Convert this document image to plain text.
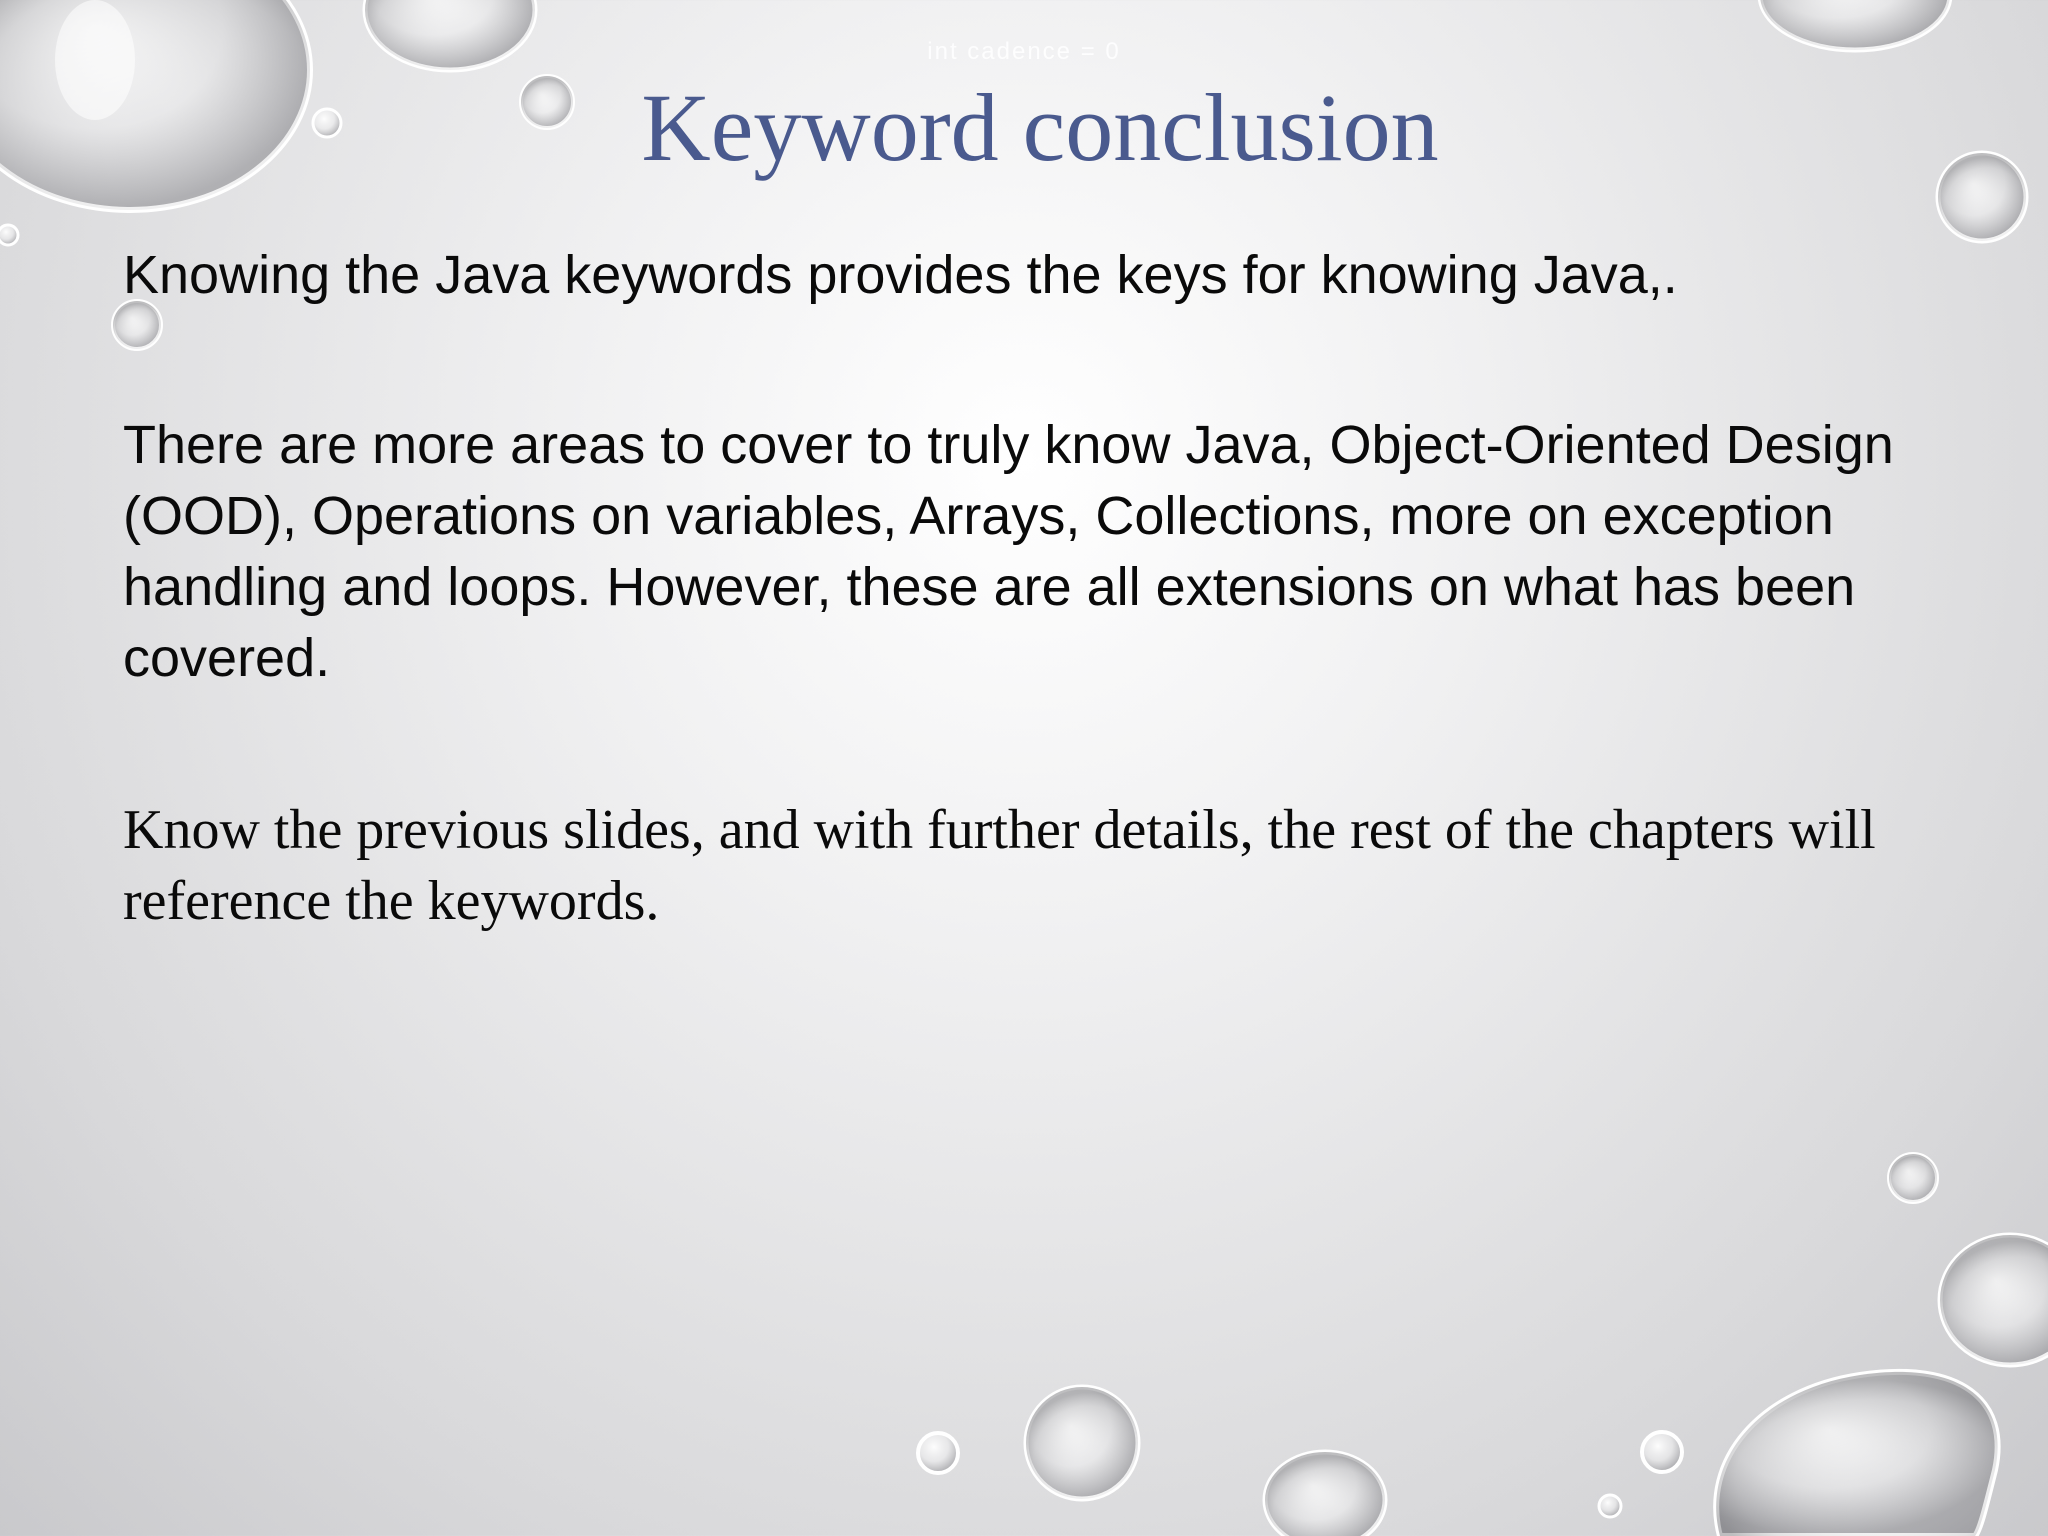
int cadence = 0
Keyword conclusion

Knowing the Java keywords provides the keys for knowing Java,.

There are more areas to cover to truly know Java, Object-Oriented Design (OOD), Operations on variables, Arrays, Collections, more on exception handling and loops. However, these are all extensions on what has been covered.

Know the previous slides, and with further details, the rest of the chapters will reference the keywords.
